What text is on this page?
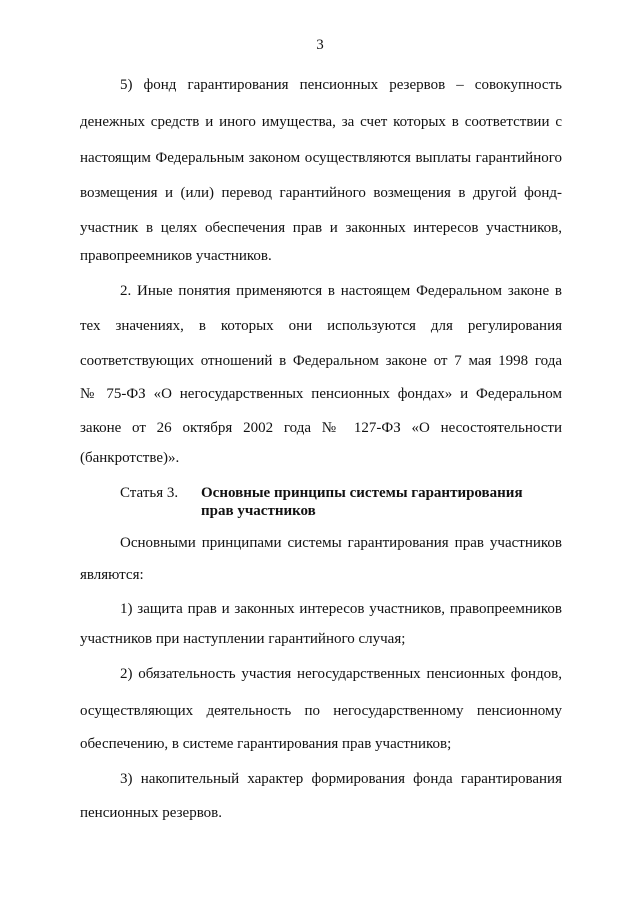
3
5) фонд гарантирования пенсионных резервов – совокупность
денежных средств и иного имущества, за счет которых в соответствии с
настоящим Федеральным законом осуществляются выплаты гарантийного
возмещения и (или) перевод гарантийного возмещения в другой фонд-
участник в целях обеспечения прав и законных интересов участников,
правопреемников участников.
2. Иные понятия применяются в настоящем Федеральном законе в
тех значениях, в которых они используются для регулирования
соответствующих отношений в Федеральном законе от 7 мая 1998 года
№ 75-ФЗ «О негосударственных пенсионных фондах» и Федеральном
законе от 26 октября 2002 года № 127-ФЗ «О несостоятельности
(банкротстве)».
Статья 3. Основные принципы системы гарантирования
прав участников
Основными принципами системы гарантирования прав участников
являются:
1) защита прав и законных интересов участников, правопреемников
участников при наступлении гарантийного случая;
2) обязательность участия негосударственных пенсионных фондов,
осуществляющих деятельность по негосударственному пенсионному
обеспечению, в системе гарантирования прав участников;
3) накопительный характер формирования фонда гарантирования
пенсионных резервов.
